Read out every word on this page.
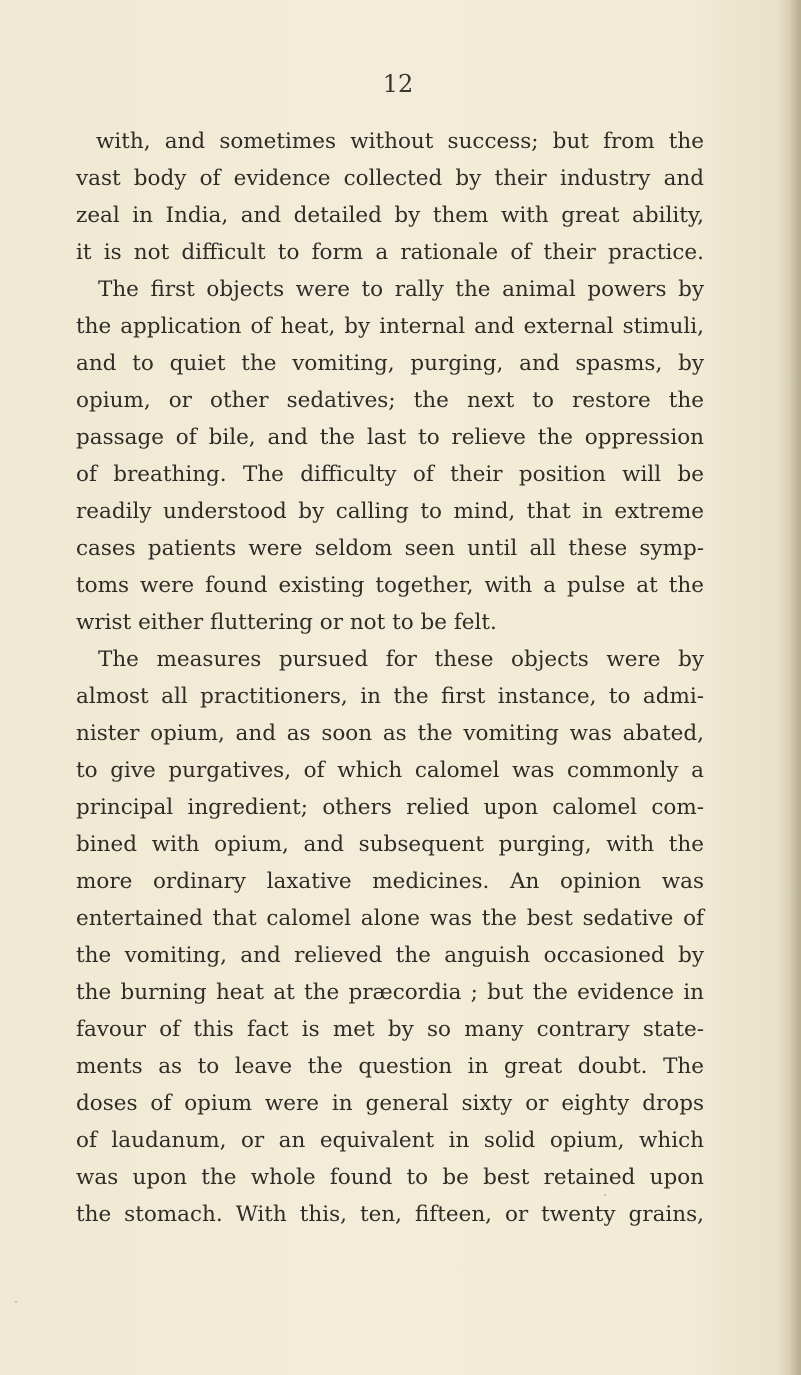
12
with, and sometimes without success; but from the
vast body of evidence collected by their industry and
zeal in India, and detailed by them with great ability,
it is not difficult to form a rationale of their practice.
The first objects were to rally the animal powers by
the application of heat, by internal and external stimuli,
and to quiet the vomiting, purging, and spasms, by
opium, or other sedatives; the next to restore the
passage of bile, and the last to relieve the oppression
of breathing. The difficulty of their position will be
readily understood by calling to mind, that in extreme
cases patients were seldom seen until all these symp-
toms were found existing together, with a pulse at the
wrist either fluttering or not to be felt.
The measures pursued for these objects were by
almost all practitioners, in the first instance, to admi-
nister opium, and as soon as the vomiting was abated,
to give purgatives, of which calomel was commonly a
principal ingredient; others relied upon calomel com-
bined with opium, and subsequent purging, with the
more ordinary laxative medicines. An opinion was
entertained that calomel alone was the best sedative of
the vomiting, and relieved the anguish occasioned by
the burning heat at the præcordia ; but the evidence in
favour of this fact is met by so many contrary state-
ments as to leave the question in great doubt. The
doses of opium were in general sixty or eighty drops
of laudanum, or an equivalent in solid opium, which
was upon the whole found to be best retained upon
the stomach. With this, ten, fifteen, or twenty grains,
